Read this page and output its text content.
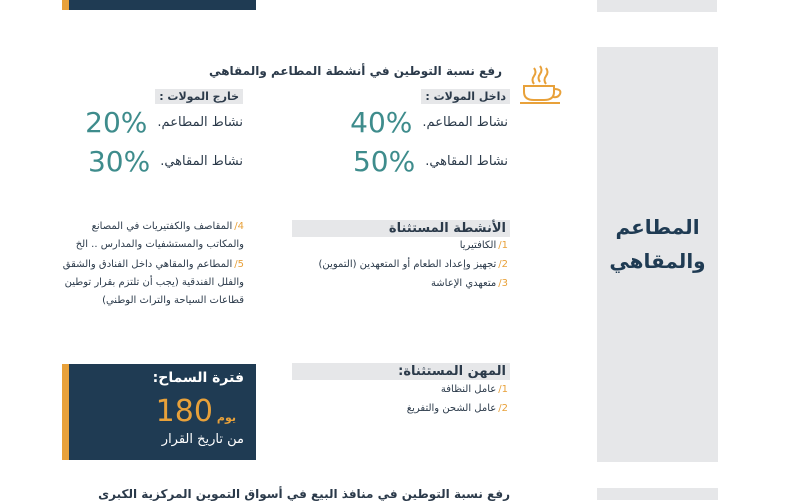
المطاعم والمقاهي
رفع نسبة التوطين في أنشطة المطاعم والمقاهي
داخل المولات :
نشاط المطاعم.
40%
نشاط المقاهي.
50%
خارج المولات :
نشاط المطاعم.
20%
نشاط المقاهي.
30%
الأنشطة المستثناة
1/الكافتيريا
2/تجهيز وإعداد الطعام أو المتعهدين (التموين)
3/متعهدي الإعاشة
4/المقاصف والكفتيريات في المصانع والمكاتب والمستشفيات والمدارس .. الخ
5/المطاعم والمقاهي داخل الفنادق والشقق والفلل الفندقية (يجب أن تلتزم بقرار توطين قطاعات السياحة والتراث الوطني)
المهن المستثناة:
1/عامل النظافة
2/عامل الشحن والتفريغ
فترة السماح:
يوم
180
من تاريخ القرار
رفع نسبة التوطين في منافذ البيع في أسواق التموين المركزية الكبرى
